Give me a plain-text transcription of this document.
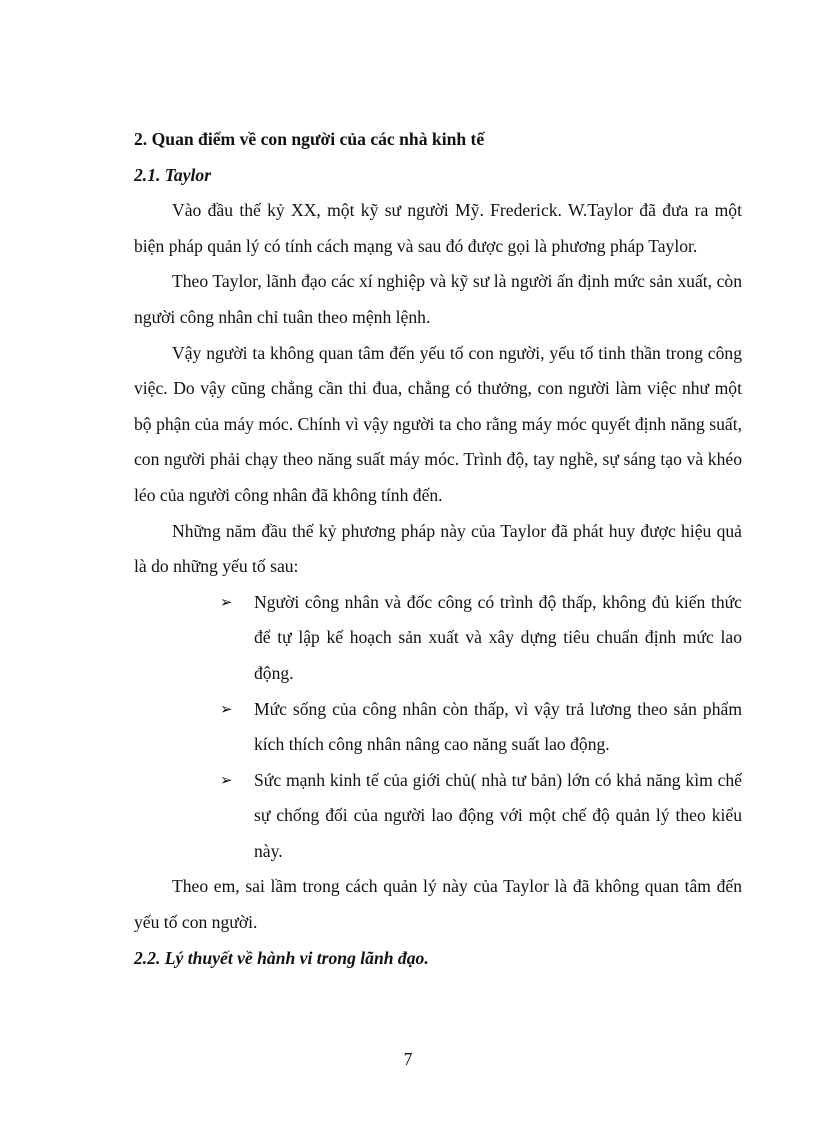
2. Quan điểm về con người của các nhà kinh tế

2.1. Taylor

Vào đầu thế kỷ XX, một kỹ sư người Mỹ. Frederick. W.Taylor đã đưa ra một biện pháp quản lý có tính cách mạng và sau đó được gọi là phương pháp Taylor.

Theo Taylor, lãnh đạo các xí nghiệp và kỹ sư là người ấn định mức sản xuất, còn người công nhân chỉ tuân theo mệnh lệnh.

Vậy người ta không quan tâm đến yếu tố con người, yếu tố tinh thần trong công việc. Do vậy cũng chẳng cần thi đua, chẳng có thưởng, con người làm việc như một bộ phận của máy móc. Chính vì vậy người ta cho rằng máy móc quyết định năng suất, con người phải chạy theo năng suất máy móc. Trình độ, tay nghề, sự sáng tạo và khéo léo của người công nhân đã không tính đến.

Những năm đầu thế kỷ phương pháp này của Taylor đã phát huy được hiệu quả là do những yếu tố sau:

➢ Người công nhân và đốc công có trình độ thấp, không đủ kiến thức để tự lập kế hoạch sản xuất và xây dựng tiêu chuẩn định mức lao động.
➢ Mức sống của công nhân còn thấp, vì vậy trả lương theo sản phẩm kích thích công nhân nâng cao năng suất lao động.
➢ Sức mạnh kinh tế của giới chủ( nhà tư bản) lớn có khả năng kìm chế sự chống đối của người lao động với một chế độ quản lý theo kiểu này.

Theo em, sai lầm trong cách quản lý này của Taylor là đã không quan tâm đến yếu tố con người.

2.2. Lý thuyết về hành vi trong lãnh đạo.

7
